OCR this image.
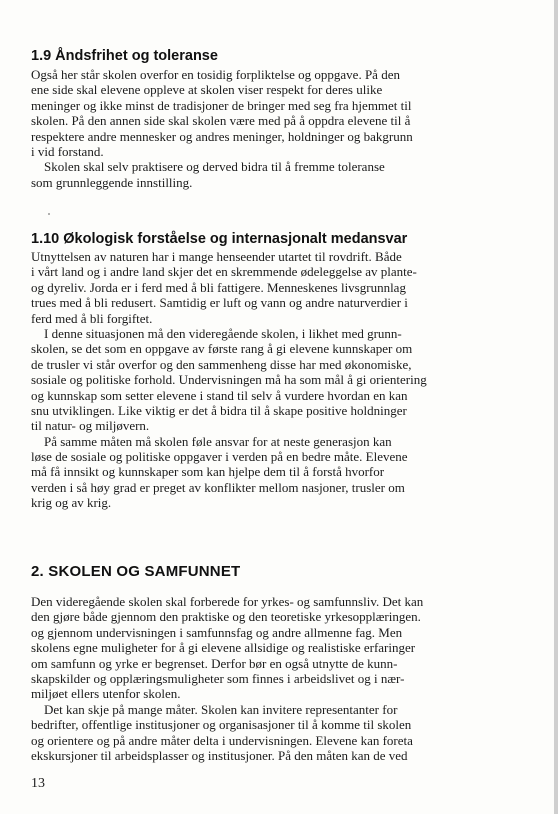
1.9 Åndsfrihet og toleranse
Også her står skolen overfor en tosidig forpliktelse og oppgave. På den
ene side skal elevene oppleve at skolen viser respekt for deres ulike
meninger og ikke minst de tradisjoner de bringer med seg fra hjemmet til
skolen. På den annen side skal skolen være med på å oppdra elevene til å
respektere andre mennesker og andres meninger, holdninger og bakgrunn
i vid forstand.
Skolen skal selv praktisere og derved bidra til å fremme toleranse
som grunnleggende innstilling.
1.10 Økologisk forståelse og internasjonalt medansvar
Utnyttelsen av naturen har i mange henseender utartet til rovdrift. Både
i vårt land og i andre land skjer det en skremmende ødeleggelse av plante-
og dyreliv. Jorda er i ferd med å bli fattigere. Menneskenes livsgrunnlag
trues med å bli redusert. Samtidig er luft og vann og andre naturverdier i
ferd med å bli forgiftet.
I denne situasjonen må den videregående skolen, i likhet med grunn-
skolen, se det som en oppgave av første rang å gi elevene kunnskaper om
de trusler vi står overfor og den sammenheng disse har med økonomiske,
sosiale og politiske forhold. Undervisningen må ha som mål å gi orientering
og kunnskap som setter elevene i stand til selv å vurdere hvordan en kan
snu utviklingen. Like viktig er det å bidra til å skape positive holdninger
til natur- og miljøvern.
På samme måten må skolen føle ansvar for at neste generasjon kan
løse de sosiale og politiske oppgaver i verden på en bedre måte. Elevene
må få innsikt og kunnskaper som kan hjelpe dem til å forstå hvorfor
verden i så høy grad er preget av konflikter mellom nasjoner, trusler om
krig og av krig.
2. SKOLEN OG SAMFUNNET
Den videregående skolen skal forberede for yrkes- og samfunnsliv. Det kan
den gjøre både gjennom den praktiske og den teoretiske yrkesopplæringen.
og gjennom undervisningen i samfunnsfag og andre allmenne fag. Men
skolens egne muligheter for å gi elevene allsidige og realistiske erfaringer
om samfunn og yrke er begrenset. Derfor bør en også utnytte de kunn-
skapskilder og opplæringsmuligheter som finnes i arbeidslivet og i nær-
miljøet ellers utenfor skolen.
Det kan skje på mange måter. Skolen kan invitere representanter for
bedrifter, offentlige institusjoner og organisasjoner til å komme til skolen
og orientere og på andre måter delta i undervisningen. Elevene kan foreta
ekskursjoner til arbeidsplasser og institusjoner. På den måten kan de ved
13
